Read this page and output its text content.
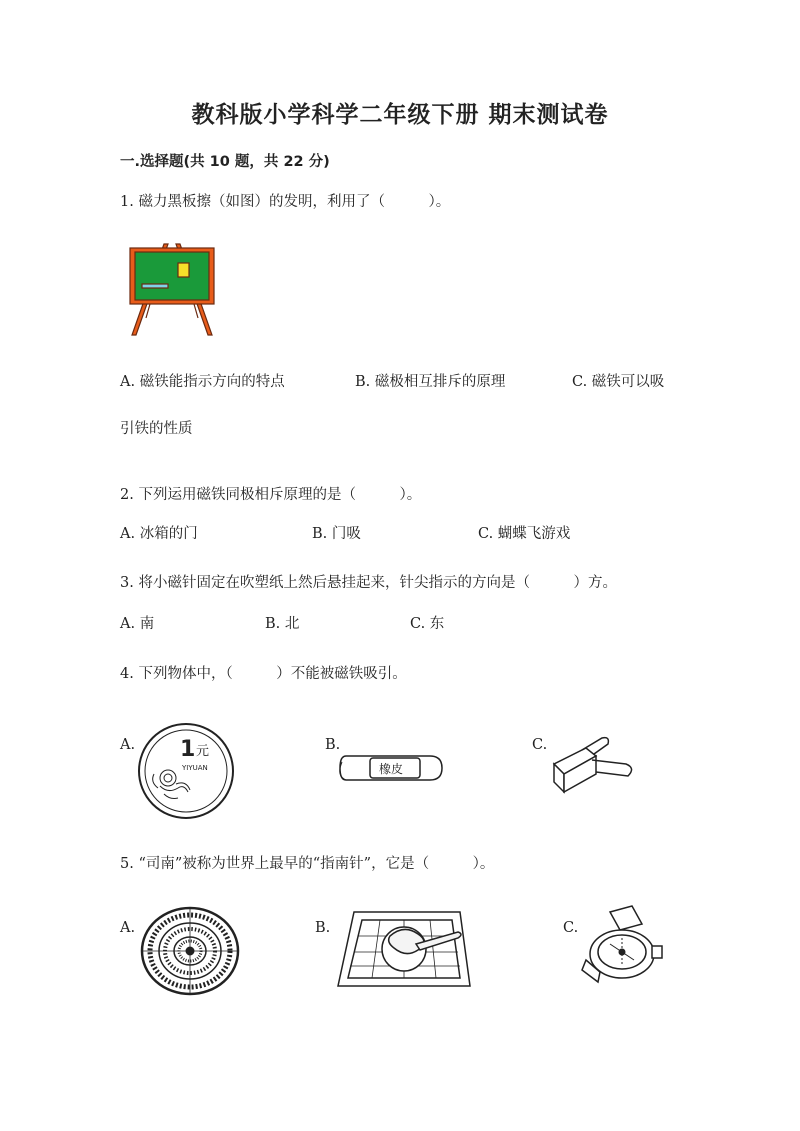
教科版小学科学二年级下册 期末测试卷
一.选择题(共 10 题，共 22 分)
1. 磁力黑板擦（如图）的发明，利用了（　　　）。
A. 磁铁能指示方向的特点	B. 磁极相互排斥的原理	C. 磁铁可以吸
引铁的性质
2. 下列运用磁铁同极相斥原理的是（　　　）。
A. 冰箱的门	B. 门吸	C. 蝴蝶飞游戏
3. 将小磁针固定在吹塑纸上然后悬挂起来，针尖指示的方向是（　　　）方。
A. 南	B. 北	C. 东
4. 下列物体中，（　　　）不能被磁铁吸引。
A. 1 元
YIYUAN
B.
橡皮
C.
5. “司南”被称为世界上最早的“指南针”，它是（　　　）。
A.	B.	C.
